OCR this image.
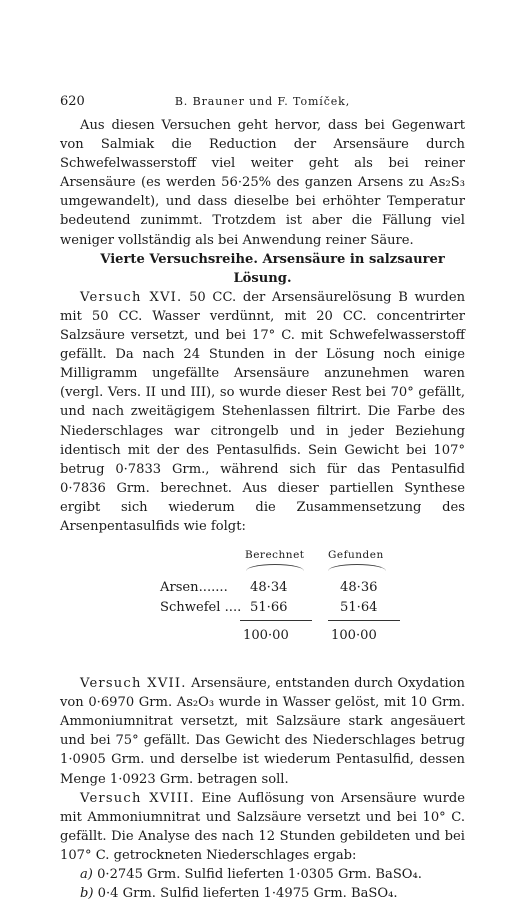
620	B. Brauner und F. Tomíček,

Aus diesen Versuchen geht hervor, dass bei Gegenwart von Salmiak die Reduction der Arsensäure durch Schwefelwasserstoff viel weiter geht als bei reiner Arsensäure (es werden 56·25% des ganzen Arsens zu As₂S₃ umgewandelt), und dass dieselbe bei erhöhter Temperatur bedeutend zunimmt. Trotzdem ist aber die Fällung viel weniger vollständig als bei Anwendung reiner Säure.

Vierte Versuchsreihe. Arsensäure in salzsaurer Lösung.

Versuch XVI. 50 CC. der Arsensäurelösung B wurden mit 50 CC. Wasser verdünnt, mit 20 CC. concentrirter Salzsäure versetzt, und bei 17° C. mit Schwefelwasserstoff gefällt. Da nach 24 Stunden in der Lösung noch einige Milligramm ungefällte Arsensäure anzunehmen waren (vergl. Vers. II und III), so wurde dieser Rest bei 70° gefällt, und nach zweitägigem Stehenlassen filtrirt. Die Farbe des Niederschlages war citrongelb und in jeder Beziehung identisch mit der des Pentasulfids. Sein Gewicht bei 107° betrug 0·7833 Grm., während sich für das Pentasulfid 0·7836 Grm. berechnet. Aus dieser partiellen Synthese ergibt sich wiederum die Zusammensetzung des Arsenpentasulfids wie folgt:

Berechnet Gefunden
Arsen....... 48·34	48·36
Schwefel .... 51·66	51·64
100·00	100·00

Versuch XVII. Arsensäure, entstanden durch Oxydation von 0·6970 Grm. As₂O₃ wurde in Wasser gelöst, mit 10 Grm. Ammoniumnitrat versetzt, mit Salzsäure stark angesäuert und bei 75° gefällt. Das Gewicht des Niederschlages betrug 1·0905 Grm. und derselbe ist wiederum Pentasulfid, dessen Menge 1·0923 Grm. betragen soll.

Versuch XVIII. Eine Auflösung von Arsensäure wurde mit Ammoniumnitrat und Salzsäure versetzt und bei 10° C. gefällt. Die Analyse des nach 12 Stunden gebildeten und bei 107° C. getrockneten Niederschlages ergab:

a) 0·2745 Grm. Sulfid lieferten 1·0305 Grm. BaSO₄.

b) 0·4 Grm. Sulfid lieferten 1·4975 Grm. BaSO₄.
